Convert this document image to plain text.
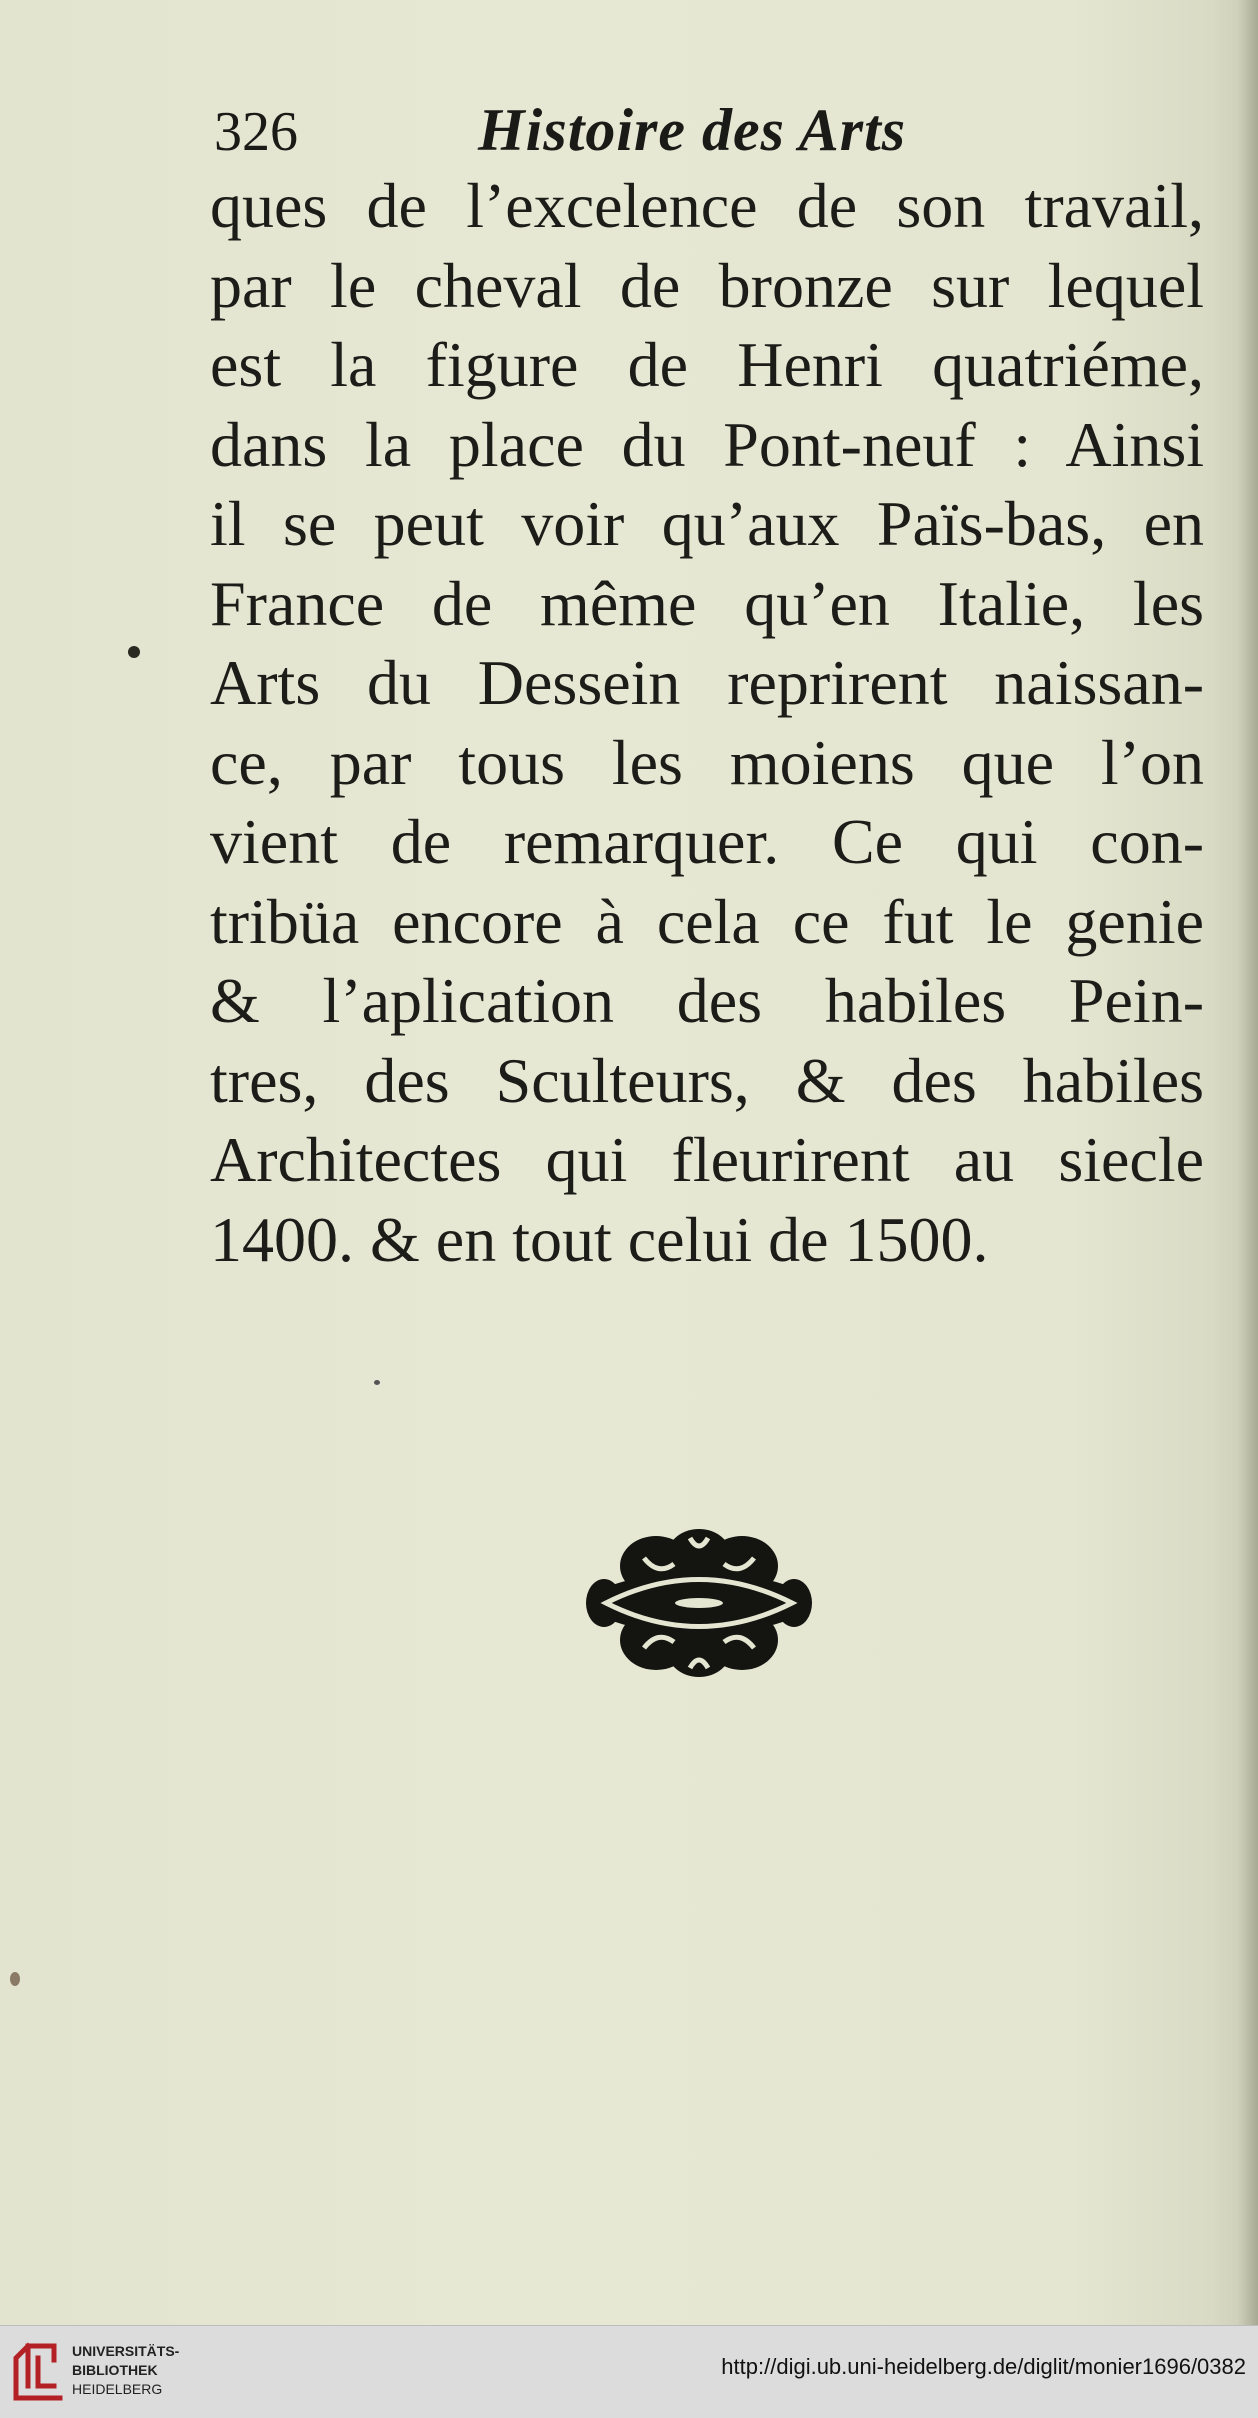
326	Histoire des Arts
ques de l’excelence de son travail,
par le cheval de bronze sur lequel
est la figure de Henri quatriéme,
dans la place du Pont-neuf : Ainsi
il se peut voir qu’aux Païs-bas, en
France de même qu’en Italie, les
Arts du Dessein reprirent naissan-
ce, par tous les moiens que l’on
vient de remarquer. Ce qui con-
tribüa encore à cela ce fut le genie
& l’aplication des habiles Pein-
tres, des Sculteurs, & des habiles
Architectes qui fleurirent au siecle
1400. & en tout celui de 1500.
UNIVERSITÄTS-
BIBLIOTHEK
HEIDELBERG
http://digi.ub.uni-heidelberg.de/diglit/monier1696/0382
